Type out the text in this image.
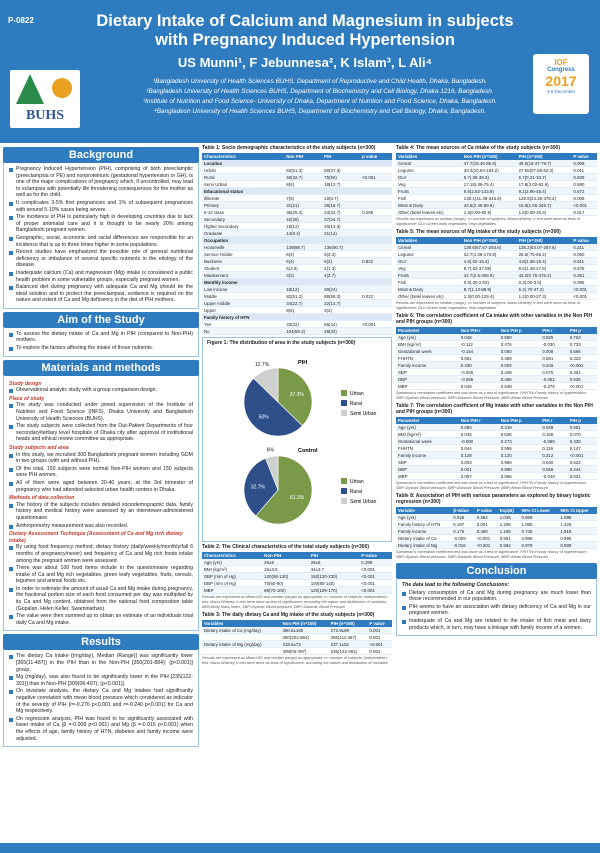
P-0822
BUHS
Dietary Intake of Calcium and Magnesium in subjects with Pregnancy Induced Hypertension
US Munni¹, F Jebunnesa², K Islam³, L Ali⁴
¹Bangladesh University of Health Sciences BUHS, Department of Reproductive and Child Health, Dhaka, Bangladesh.
²Bangladesh University of Health Sciences BUHS, Department of Biochemistry and Cell Biology, Dhaka 1216, Bangladesh.
³Institute of Nutrition and Food Science- University of Dhaka, Department of Nutrition and Food Science, Dhaka, Bangladesh.
⁴Bangladesh University of Health Sciences BUHS, Department of Biochemistry and Cell Biology, Dhaka, Bangladesh.
IOF
Congress
2017
4-8 December
Background
Pregnancy Induced Hypertension (PIH), comprising of both preeclamptic (preeclampsia or PE) and nonproteinuric (gestational hypertension or GH), is one of the major complications of pregnancy which, if uncontrolled, may lead to eclampsia with potentially life threatening consequences for the mother as well as for the child.
It complicates 3-5% first pregnancies and 1% of subsequent pregnancies with around 5-10% cases being severe.
The incidence of PIH is particularly high in developing countries due to lack of proper antenatal care and it is thought to be nearly 20% among Bangladeshi pregnant women.
Geographic, social, economic and racial differences are responsible for an incidence that is up to three times higher in some populations.
Recent studies have emphasized the possible role of general nutritional deficiency or imbalance of several specific nutrients in the etiology of the disease.
Inadequate calcium (Ca) and magnesium (Mg) intake is considered a public health problem in some vulnerable groups, especially pregnant women.
Balanced diet during pregnancy with adequate Ca and Mg should be the ideal solution and to protect the preeclampsia, evidence is required on the nature and extent of Ca and Mg deficiency in the diet of PIH mothers.
Aim of the Study
To assess the dietary intake of Ca and Mg in PIH (compared to Non-PIH) mothers.
To explore the factors affecting the intake of those nutrients.
Materials and methods
Study design
Observational analytic study with a group comparison design.
Place of study
The study was conducted under joined supervision of the Institute of Nutrition and Food Science (INFS), Dhaka University and Bangladesh University of Health Sciences (BUHS).
The study subjects were collected from the Out-Patient Departments of four secondary/tertiary level hospitals of Dhaka city after approval of institutional heads and ethical review committee as appropriate.
Study subjects and area
In this study, we recruited 300 Bangladeshi pregnant women including GDM in two groups (with and without PIH).
Of the total, 150 subjects were normal Non-PIH women and 150 subjects were PIH women.
All of them were aged between 20-40 years, at the 3rd trimester of pregnancy who had attended selected urban health centers in Dhaka.
Methods of data collection
The history of the subjects includes detailed sociodemographic data, family history and medical history were assessed by an interviewer-administered questionnaire.
Anthropometry measurement was also recorded.
Dietary Assessment Technique (Assessment of Ca and Mg rich dietary intake)
By using food frequency method, dietary history (daily/weekly/monthly/fall 6 months of pregnancy/never) and frequency of Ca and Mg rich foods intake among the pregnant women were assessed.
There was about 100 food items include in the questionnaire regarding intake of Ca and Mg rich vegetables, green leafy vegetables, fruits, cereals, legumes and animal foods etc.
In order to estimate the amount of usual Ca and Mg intake during pregnancy, the fractional portion size of each food consumed per day was multiplied by its Ca and Mg content, obtained from the national food composition table (Gopalan, Helen Keller, Swaminathan).
The value were then summed up to obtain an estimate of an individuals total daily Ca and Mg intake.
Results
The dietary Ca intake [(mg/day), Median (Range)] was significantly lower [365(11-487)] in the PIH than in the Non-PIH [350(201-884); (p<0.001)] group.
Mg (mg/day), was also found to be significantly lower in the PIH [235(122-391)] than in Non-PIH [309(06-497); (p<0.001)].
On bivariate analysis, the dietary Ca and Mg intakes had significantly negative correlation with mean blood pressure which considered as indicator of the severity of PIH (r=-0.276 p<0.001 and r=-0.240 p<0.001) for Ca and Mg respectively.
On regression analysis, PIH was found to be significantly associated with lower intake of Ca (β =-0.009 p<0.001) and Mg (β =-0.016 p<0.001) when the effects of age, family history of HTN, diabetes and family income were adjusted.
Table 1: Socio demographic characteristics of the study subjects (n=300)
Characteristics	Non PIH	PIH	p value
Location			
Urban	82(51.3)	58(37.3)	
Rural	49(32.7)	75(50)	<0.001
Semi Urban	8(6)	18(12.7)	
Educational status			
Illiterate	7(5)	10(6.7)	
Primary	31(21)	38(18.7)	
6-10 class	36(25.3)	34(22.7)	0.268
Secondary	42(28)	37(24.7)	
Higher secondary	18(12)	20(13.3)	
Graduate	14(9.4)	21(14)	
Occupation			
Housewife	139(88.7)	136(90.7)	
Service Holder	6(4)	5(3.3)	
Business	6(4)	5(2)	0.822
Student	5(3.3)	2(1.3)	
Maidservant	3(2)	4(2.7)	
Monthly income			
Low income	18(12)	38(24)	
Middle	82(51.3)	88(58.3)	0.022
Upper middle	34(22.7)	22(14.7)	
Upper	8(6)	3(2)	
Family history of HTN			
Yes	33(22)	66(44)	<0.001
No	104(69.3)	48(32)	
Figure 1: The distribution of area in the study subjects (n=300)
PIH
37.3%
50%
12.7%
Urban
Rural
Semi Urban
Control
61.3%
32.7%
6%
Urban
Rural
Semi Urban
Table 2: The Clinical characteristics of the total study subjects (n=300)
Characteristics	Non PIH	PIH	P-value
Age (yrs)	25±5	28±5	0.299
BMI (kg/m²)	26±3.5	34±3.7	<0.001
SBP (mm of Hg)	120(58-130)	150(130-230)	<0.001
DBP (mm of Hg)	70(60-90)	100(80-140)	<0.001
MBP	88(70-100)	120(105-170)	<0.001
Results are expressed as Mean±SD and median (range) as appropriate; n= number of subjects; Independent t-test, Mann-Whitney U test were done as test of significance, according the nature and distribution of variables; BMI=Body Mass Index, SBP=Systolic Blood pressure; DBP=Diastolic Blood Pressure
Table 3: The daily dietary Ca and Mg intake of the study subjects (n=300)
Variables	Non PIH (n=150)	PIH (n=150)	P value
Dietary intake of Ca (mg/day)	390.8±160	272.9±89	0.001
	350(201-884)	265(111-487)	0.001
Dietary intake of Mg (mg/day)	318.6±72	237.1±52	<0.001
	309(06-497)	235(122-391)	0.001
Results are expressed as Mean±SD and median (range) as appropriate; n= number of subjects; Independent t-test, Mann-Whitney U test were done as tests of significance, according the nature and distribution of variables
Table 4: The mean sources of Ca intake of the study subjects (n=300)
Variables	Non PIH (n=150)	PIH (n=150)	P value
Cereal	47.7(19.45-95.6)	45.5(19.47-79.7)	0.008
Legume	33.4(10.64-184.2)	27.55(07.65-63.2)	0.011
GLV	5.7(.08-38.3)	5.7(0.21-33.7)	0.839
Veg	17.18(.36-75.4)	17.8(3.02-63.9)	0.890
Fruits	9.5(2.82-143.8)	9.1(2.96-45.4)	0.672
Fish	138.1(41.49-345.9)	128.9(24.35-378.2)	0.008
Meat & Dairy	43.6(2.45-89.9)	15.6(1.06-345.7)	<0.001
Other (betel leaves etc)	1.5(0.00-60.8)	1.6(0.00-20.3)	0.017
Results are expressed as median (range); n= number of subjects; Mann-Whitney U test were done as tests of significance; GLV=Green leafy vegetables; Veg=vegetables
Table 5: The mean sources of Mg intake of the study subjects (n=300)
Variables	Non PIH (n=150)	PIH (n=150)	P value
Cereal	139.6(67.57-293.6)	135.2(63.07-287.6)	0.211
Legume	32.7(1.09-173.8)	26.6(.75-86.2)	0.060
GLV	4.6(.02-15.4)	4.8(1.06-15.4)	0.911
Veg	9.7(.63-37.08)	9.6(1.45-27.6)	0.675
Fruits	42.7(2.5-208.9)	43.2(0.75-476.2)	0.351
Fish	0.5(.00-2.03)	0.3(.00-3.0)	0.086
Meat & Dairy	8.7(1.13-88.9)	5.3(.70-47.2)	<0.001
Other (betel leaves etc)	1.3(0.00-129.4)	1.2(0.00-27.3)	<0.001
Results are expressed as median (range); n= number of subjects; Mann-Whitney U test were done as tests of significance; GLV=Green leafy vegetables; Veg=vegetables
Table 6: The correlation coefficient of Ca intake with other variables in the Non PIH and PIH groups (n=300)
Parameter	Non PIH r	Non PIH p	PIH r	PIH p
Age (yrs)	0.048	0.580	0.025	0.763
BMI (kg/m²)	-0.112	0.476	-0.030	0.733
Gestational week	-0.154	0.060	0.008	0.666
FHHTN	0.061	0.459	0.081	0.323
Family income	0.430	0.002	0.246	<0.001
SBP	-0.006	0.408	0.075	0.361
DBP	-0.056	0.496	-0.051	0.536
MBP	0.045	0.638	-0.276	<0.001
Spearman's correlation coefficient test was done as a test of significance. FHHTN=Family history of hypertension; SBP=Systolic Blood pressure; DBP=Diastolic Blood Pressure; MBP=Mean Blood Pressure
Table 7: The correlation coefficient of Mg intake with other variables in the Non PIH and PIH groups (n=300)
Parameter	Non PIH r	Non PIH p	PIH r	PIH p
Age (yrs)	0.083	0.319	0.049	0.551
BMI (kg/m²)	0.045	0.636	0.158	0.070
Gestational week	-0.090	0.273	-0.065	0.430
FHHTN	0.044	0.595	0.119	0.147
Family income	0.128	0.120	0.312	<0.001
SBP	0.003	0.960	0.040	0.624
DBP	0.001	0.990	0.066	0.244
MBP	0.057	0.066	-0.040	0.021
Spearman's correlation coefficient test was done as a test of significance. FHHTN=Family history of hypertension; SBP=Systolic Blood pressure; DBP=Diastolic Blood Pressure; MBP=Mean Blood Pressure
Table 8: Association of PIH with various parameters as explored by binary logistic regression (n=300)
Variable	β-Value	P value	Exp(B)	95% CI Lower	95% CI Upper
Age (yrs)	0.026	0.384	1.026	0.969	1.088
Family history of HTN	0.187	0.001	1.206	1.085	1.326
Family income	0.176	0.460	1.195	0.745	1.918
Dietary intake of Ca	-0.009	<0.001	0.991	0.988	0.995
Dietary intake of Mg	-0.016	<0.001	0.984	0.979	0.989
Spearman's correlation coefficient test was done as a test of significance. FHHTN=Family history of hypertension; SBP=Systolic Blood pressure; DBP=Diastolic Blood Pressure; MBP=Mean Blood Pressure
Conclusion
The data lead to the following Conclusions:
Dietary consumption of Ca and Mg during pregnancy are much lower than those recommended in our population.
PIH seems to have an association with dietary deficiency of Ca and Mg in our pregnant women.
Inadequate of Ca and Mg are related to the intake of fish meat and dairy products which, in turn, may have a linkage with family income of a women.
